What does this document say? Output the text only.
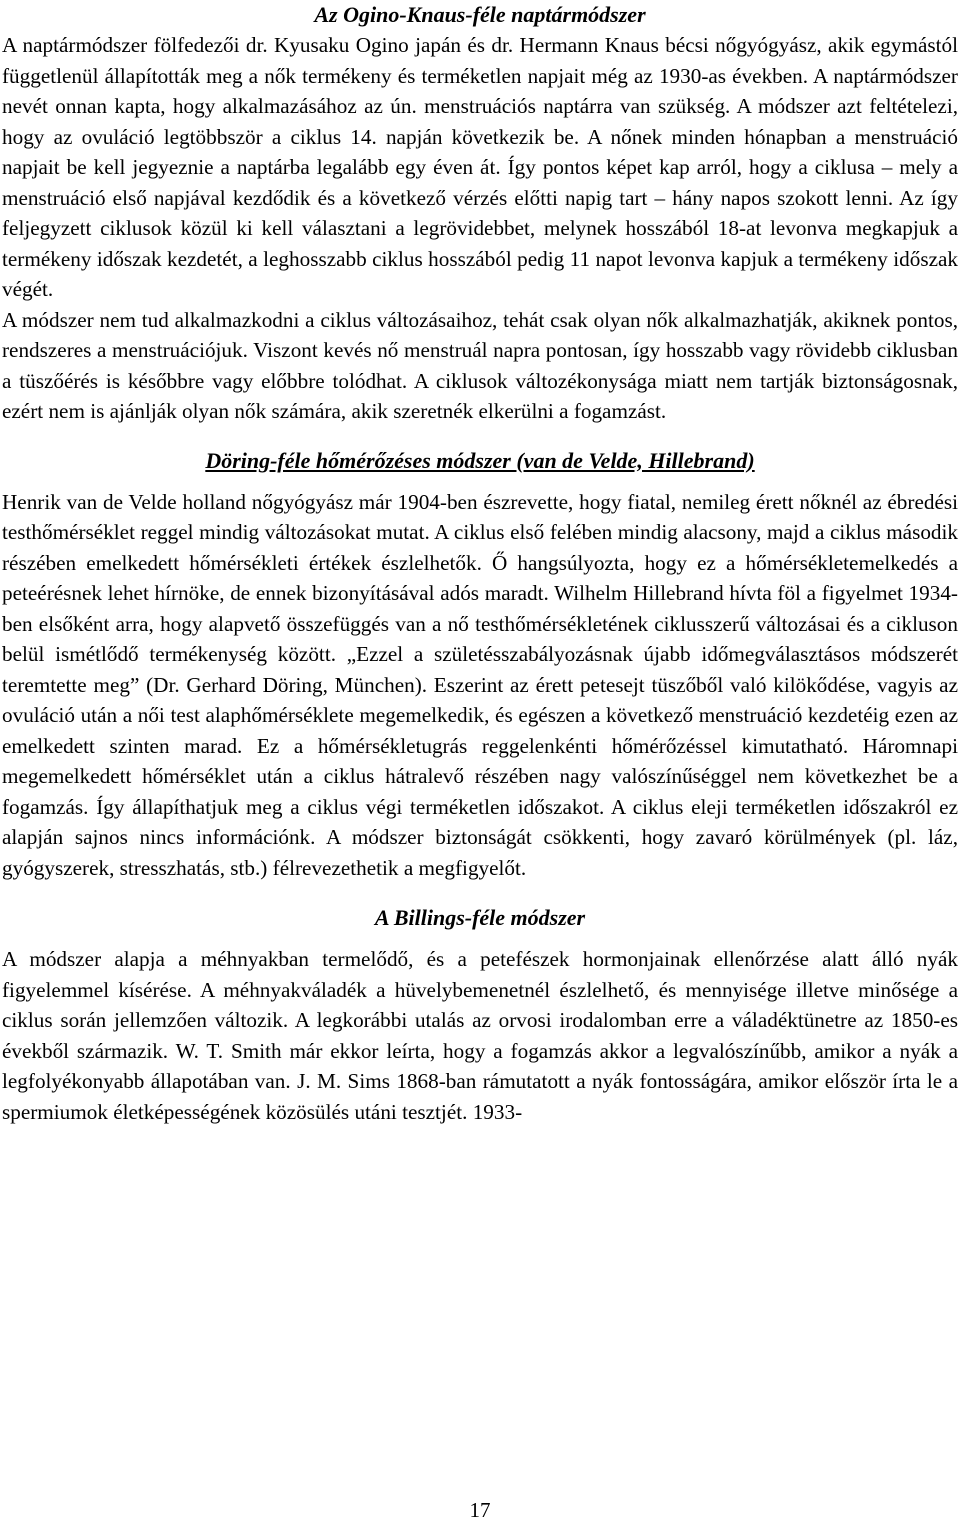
Az Ogino-Knaus-féle naptármódszer

A naptármódszer fölfedezői dr. Kyusaku Ogino japán és dr. Hermann Knaus bécsi nőgyógyász, akik egymástól függetlenül állapították meg a nők termékeny és terméketlen napjait még az 1930-as években. A naptármódszer nevét onnan kapta, hogy alkalmazásához az ún. menstruációs naptárra van szükség. A módszer azt feltételezi, hogy az ovuláció legtöbbször a ciklus 14. napján következik be. A nőnek minden hónapban a menstruáció napjait be kell jegyeznie a naptárba legalább egy éven át. Így pontos képet kap arról, hogy a ciklusa – mely a menstruáció első napjával kezdődik és a következő vérzés előtti napig tart – hány napos szokott lenni. Az így feljegyzett ciklusok közül ki kell választani a legrövidebbet, melynek hosszából 18-at levonva megkapjuk a termékeny időszak kezdetét, a leghosszabb ciklus hosszából pedig 11 napot levonva kapjuk a termékeny időszak végét.

A módszer nem tud alkalmazkodni a ciklus változásaihoz, tehát csak olyan nők alkalmazhatják, akiknek pontos, rendszeres a menstruációjuk. Viszont kevés nő menstruál napra pontosan, így hosszabb vagy rövidebb ciklusban a tüszőérés is későbbre vagy előbbre tolódhat. A ciklusok változékonysága miatt nem tartják biztonságosnak, ezért nem is ajánlják olyan nők számára, akik szeretnék elkerülni a fogamzást.

Döring-féle hőmérőzéses módszer (van de Velde, Hillebrand)

Henrik van de Velde holland nőgyógyász már 1904-ben észrevette, hogy fiatal, nemileg érett nőknél az ébredési testhőmérséklet reggel mindig változásokat mutat. A ciklus első felében mindig alacsony, majd a ciklus második részében emelkedett hőmérsékleti értékek észlelhetők. Ő hangsúlyozta, hogy ez a hőmérsékletemelkedés a peteérésnek lehet hírnöke, de ennek bizonyításával adós maradt. Wilhelm Hillebrand hívta föl a figyelmet 1934-ben elsőként arra, hogy alapvető összefüggés van a nő testhőmérsékletének ciklusszerű változásai és a cikluson belül ismétlődő termékenység között. „Ezzel a születésszabályozásnak újabb időmegválasztásos módszerét teremtette meg” (Dr. Gerhard Döring, München). Eszerint az érett petesejt tüszőből való kilökődése, vagyis az ovuláció után a női test alaphőmérséklete megemelkedik, és egészen a következő menstruáció kezdetéig ezen az emelkedett szinten marad. Ez a hőmérsékletugrás reggelenkénti hőmérőzéssel kimutatható. Háromnapi megemelkedett hőmérséklet után a ciklus hátralevő részében nagy valószínűséggel nem következhet be a fogamzás. Így állapíthatjuk meg a ciklus végi terméketlen időszakot. A ciklus eleji terméketlen időszakról ez alapján sajnos nincs információnk. A módszer biztonságát csökkenti, hogy zavaró körülmények (pl. láz, gyógyszerek, stresszhatás, stb.) félrevezethetik a megfigyelőt.

A Billings-féle módszer

A módszer alapja a méhnyakban termelődő, és a petefészek hormonjainak ellenőrzése alatt álló nyák figyelemmel kísérése. A méhnyakváladék a hüvelybemenetnél észlelhető, és mennyisége illetve minősége a ciklus során jellemzően változik. A legkorábbi utalás az orvosi irodalomban erre a váladéktünetre az 1850-es évekből származik. W. T. Smith már ekkor leírta, hogy a fogamzás akkor a legvalószínűbb, amikor a nyák a legfolyékonyabb állapotában van. J. M. Sims 1868-ban rámutatott a nyák fontosságára, amikor először írta le a spermiumok életképességének közösülés utáni tesztjét. 1933-

17
